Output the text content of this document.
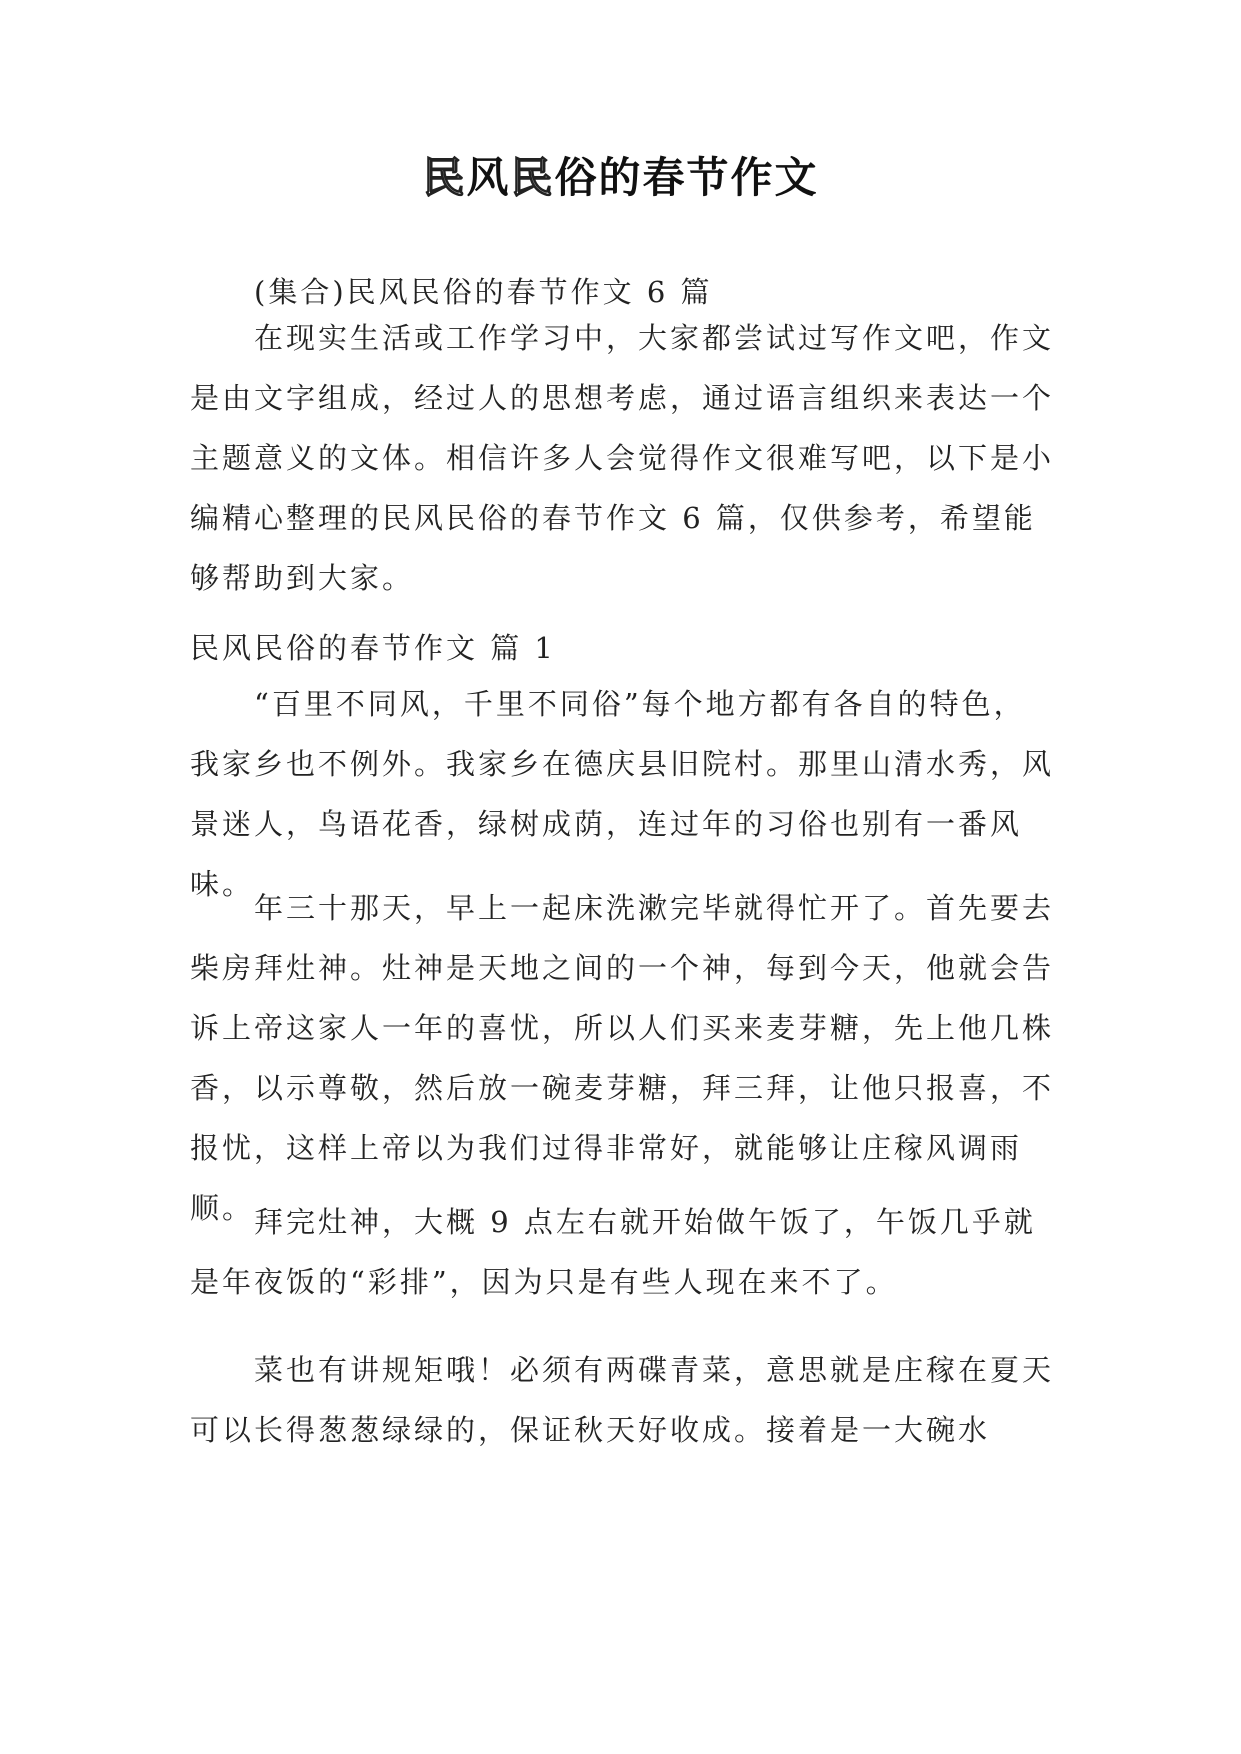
民风民俗的春节作文

(集合)民风民俗的春节作文 6 篇

在现实生活或工作学习中，大家都尝试过写作文吧，作文是由文字组成，经过人的思想考虑，通过语言组织来表达一个主题意义的文体。相信许多人会觉得作文很难写吧，以下是小编精心整理的民风民俗的春节作文 6 篇，仅供参考，希望能够帮助到大家。

民风民俗的春节作文 篇 1

“百里不同风，千里不同俗”每个地方都有各自的特色，我家乡也不例外。我家乡在德庆县旧院村。那里山清水秀，风景迷人，鸟语花香，绿树成荫，连过年的习俗也别有一番风味。

年三十那天，早上一起床洗漱完毕就得忙开了。首先要去柴房拜灶神。灶神是天地之间的一个神，每到今天，他就会告诉上帝这家人一年的喜忧，所以人们买来麦芽糖，先上他几株香，以示尊敬，然后放一碗麦芽糖，拜三拜，让他只报喜，不报忧，这样上帝以为我们过得非常好，就能够让庄稼风调雨顺。 拜完灶神，大概 9 点左右就开始做午饭了，午饭几乎就是年夜饭的“彩排”，因为只是有些人现在来不了。

菜也有讲规矩哦！必须有两碟青菜，意思就是庄稼在夏天可以长得葱葱绿绿的，保证秋天好收成。接着是一大碗水
